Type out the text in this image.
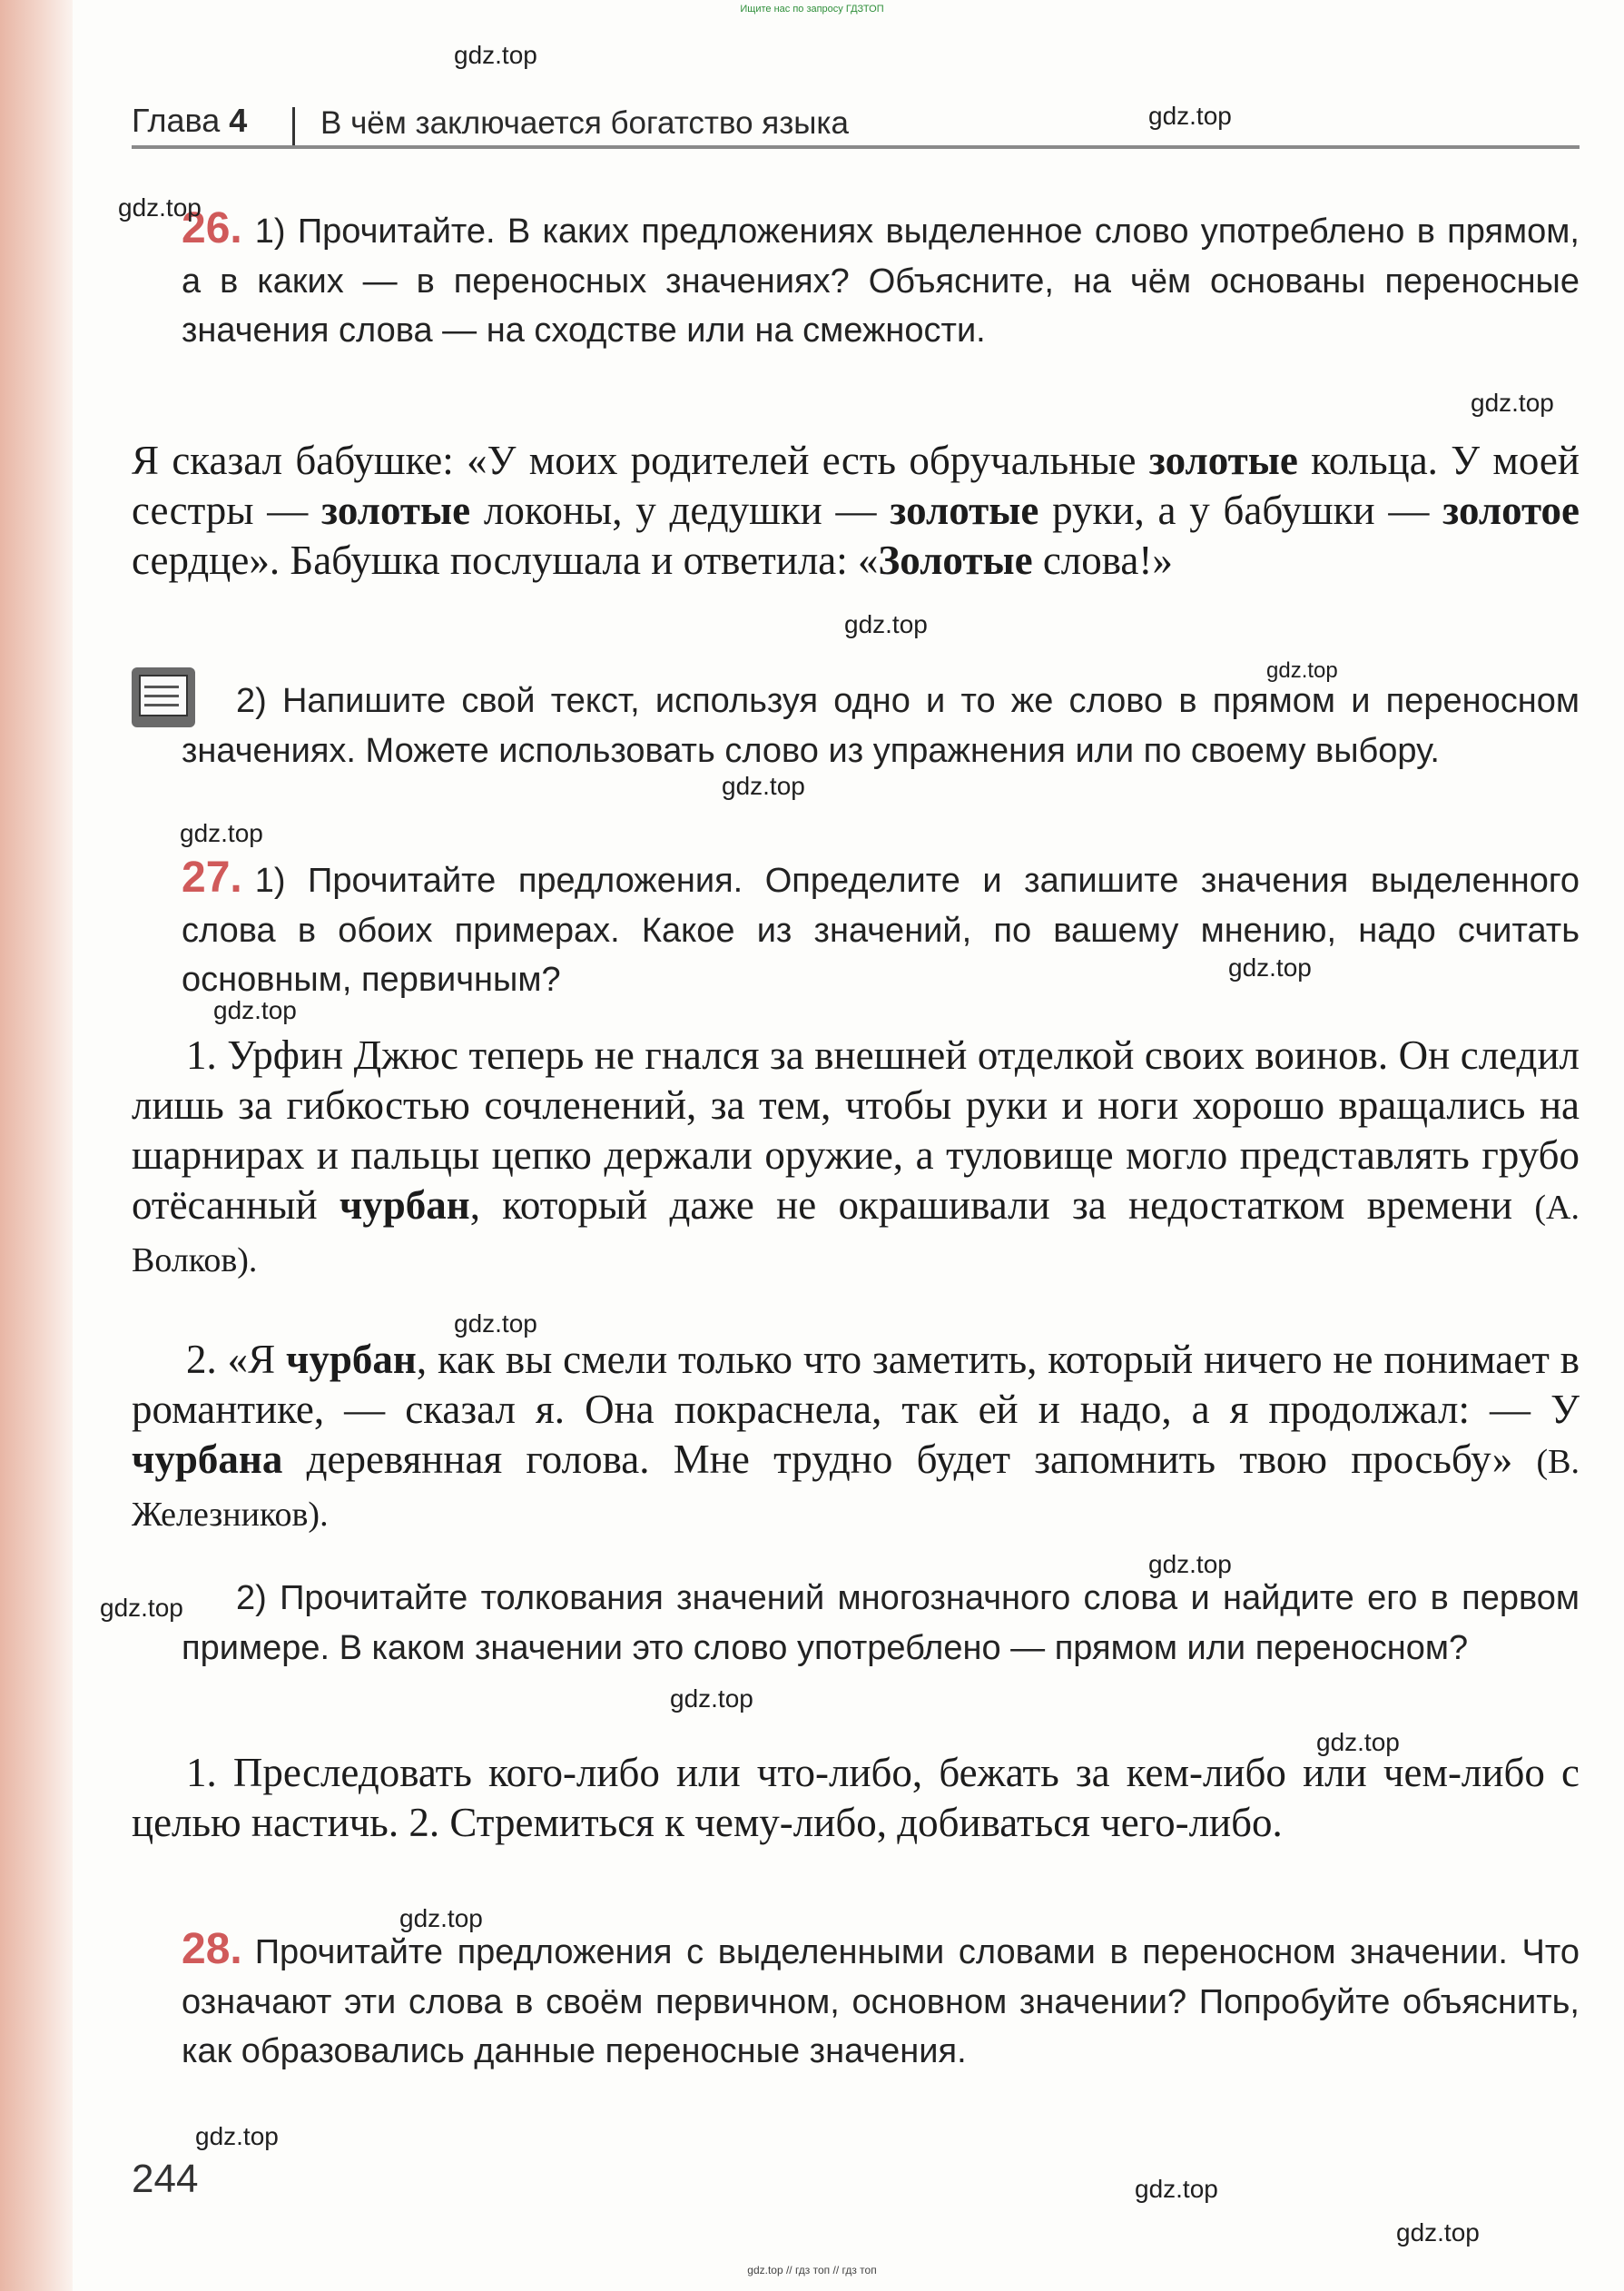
Ищите нас по запросу ГДЗТОП
Глава 4 В чём заключается богатство языка
26. 1) Прочитайте. В каких предложениях выделенное слово употреблено в прямом, а в каких — в переносных значениях? Объясните, на чём основаны переносные значения слова — на сходстве или на смежности.
Я сказал бабушке: «У моих родителей есть обручальные золотые кольца. У моей сестры — золотые локоны, у дедушки — золотые руки, а у бабушки — золотое сердце». Бабушка послушала и ответила: «Золотые слова!»
2) Напишите свой текст, используя одно и то же слово в прямом и переносном значениях. Можете использовать слово из упражнения или по своему выбору.
27. 1) Прочитайте предложения. Определите и запишите значения выделенного слова в обоих примерах. Какое из значений, по вашему мнению, надо считать основным, первичным?

1. Урфин Джюс теперь не гнался за внешней отделкой своих воинов. Он следил лишь за гибкостью сочленений, за тем, чтобы руки и ноги хорошо вращались на шарнирах и пальцы цепко держали оружие, а туловище могло представлять грубо отёсанный чурбан, который даже не окрашивали за недостатком времени (А. Волков).

2. «Я чурбан, как вы смели только что заметить, который ничего не понимает в романтике, — сказал я. Она покраснела, так ей и надо, а я продолжал: — У чурбана деревянная голова. Мне трудно будет запомнить твою просьбу» (В. Железников).

2) Прочитайте толкования значений многозначного слова и найдите его в первом примере. В каком значении это слово употреблено — прямом или переносном?
1. Преследовать кого-либо или что-либо, бежать за кем-либо или чем-либо с целью настичь. 2. Стремиться к чему-либо, добиваться чего-либо.
28. Прочитайте предложения с выделенными словами в переносном значении. Что означают эти слова в своём первичном, основном значении? Попробуйте объяснить, как образовались данные переносные значения.
244
gdz.top
gdz.top
gdz.top
gdz.top
gdz.top
gdz.top
gdz.top
gdz.top
gdz.top
gdz.top
gdz.top
gdz.top
gdz.top
gdz.top
gdz.top
gdz.top
gdz.top
gdz.top
gdz.top
gdz.top // гдз топ // гдз топ
